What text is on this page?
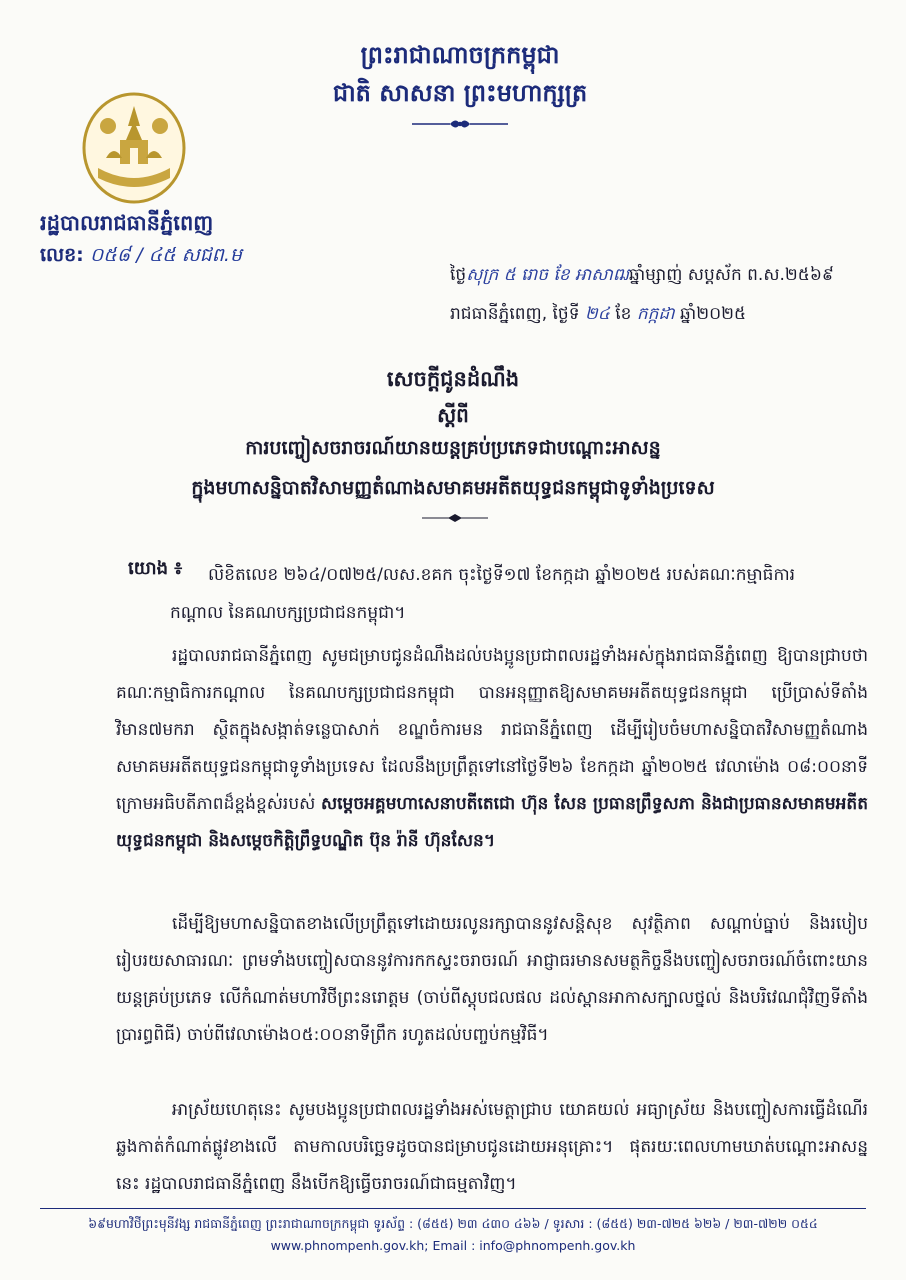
ព្រះរាជាណាចក្រកម្ពុជា
ជាតិ សាសនា ព្រះមហាក្សត្រ
រដ្ឋបាលរាជធានីភ្នំពេញ
លេខ: ០៥៨ / ៤៥ សជព.ម
ថ្ងៃសុក្រ ៥ រោច ខែ អាសាឍឆ្នាំម្សាញ់ សប្តស័ក ព.ស.២៥៦៩
រាជធានីភ្នំពេញ, ថ្ងៃទី ២៤ ខែ កក្កដា ឆ្នាំ២០២៥
សេចក្តីជូនដំណឹង
ស្តីពី
ការបញ្ចៀសចរាចរណ៍យានយន្តគ្រប់ប្រភេទជាបណ្តោះអាសន្ន
ក្នុងមហាសន្និបាតវិសាមញ្ញតំណាងសមាគមអតីតយុទ្ធជនកម្ពុជាទូទាំងប្រទេស
យោង ៖ លិខិតលេខ ២៦៤/០៧២៥/លស.ខគក ចុះថ្ងៃទី១៧ ខែកក្កដា ឆ្នាំ២០២៥ របស់គណៈកម្មាធិការ
កណ្តាល នៃគណបក្សប្រជាជនកម្ពុជា។
រដ្ឋបាលរាជធានីភ្នំពេញ សូមជម្រាបជូនដំណឹងដល់បងប្អូនប្រជាពលរដ្ឋទាំងអស់ក្នុងរាជធានីភ្នំពេញ ឱ្យបានជ្រាបថា គណៈកម្មាធិការកណ្តាល នៃគណបក្សប្រជាជនកម្ពុជា បានអនុញ្ញាតឱ្យសមាគមអតីតយុទ្ធជនកម្ពុជា ប្រើប្រាស់ទីតាំងវិមាន៧មករា ស្ថិតក្នុងសង្កាត់ទន្លេបាសាក់ ខណ្ឌចំការមន រាជធានីភ្នំពេញ ដើម្បីរៀបចំមហាសន្និបាតវិសាមញ្ញតំណាងសមាគមអតីតយុទ្ធជនកម្ពុជាទូទាំងប្រទេស ដែលនឹងប្រព្រឹត្តទៅនៅថ្ងៃទី២៦ ខែកក្កដា ឆ្នាំ២០២៥ វេលាម៉ោង ០៨:០០នាទី ក្រោមអធិបតីភាពដ៏ខ្ពង់ខ្ពស់របស់ សម្តេចអគ្គមហាសេនាបតីតេជោ ហ៊ុន សែន ប្រធានព្រឹទ្ធសភា និងជាប្រធានសមាគមអតីតយុទ្ធជនកម្ពុជា និងសម្តេចកិត្តិព្រឹទ្ធបណ្ឌិត ប៊ុន រ៉ានី ហ៊ុនសែន។
ដើម្បីឱ្យមហាសន្និបាតខាងលើប្រព្រឹត្តទៅដោយរលូនរក្សាបាននូវសន្តិសុខ សុវត្ថិភាព សណ្តាប់ធ្នាប់ និងរបៀបរៀបរយសាធារណៈ ព្រមទាំងបញ្ចៀសបាននូវការកកស្ទះចរាចរណ៍ អាជ្ញាធរមានសមត្ថកិច្ចនឹងបញ្ចៀសចរាចរណ៍ចំពោះយានយន្តគ្រប់ប្រភេទ លើកំណាត់មហាវិថីព្រះនរោត្តម (ចាប់ពីស្តុបជលផល ដល់ស្ពានអាកាសក្បាលថ្នល់ និងបរិវេណជុំវិញទីតាំងប្រារព្ធពិធី) ចាប់ពីវេលាម៉ោង០៥:០០នាទីព្រឹក រហូតដល់បញ្ចប់កម្មវិធី។
អាស្រ័យហេតុនេះ សូមបងប្អូនប្រជាពលរដ្ឋទាំងអស់មេត្តាជ្រាប យោគយល់ អធ្យាស្រ័យ និងបញ្ចៀសការធ្វើដំណើរឆ្លងកាត់កំណាត់ផ្លូវខាងលើ តាមកាលបរិច្ឆេទដូចបានជម្រាបជូនដោយអនុគ្រោះ។ ផុតរយៈពេលហាមឃាត់បណ្តោះអាសន្ននេះ រដ្ឋបាលរាជធានីភ្នំពេញ នឹងបើកឱ្យធ្វើចរាចរណ៍ជាធម្មតាវិញ។
៦៩មហាវិថីព្រះមុនីវង្ស រាជធានីភ្នំពេញ ព្រះរាជាណាចក្រកម្ពុជា ទូរស័ព្ទ : (៨៥៥) ២៣ ៤៣០ ៤៦៦ / ទូរសារ : (៨៥៥) ២៣-៧២៥ ៦២៦ / ២៣-៧២២ ០៥៤
www.phnompenh.gov.kh; Email : info@phnompenh.gov.kh
